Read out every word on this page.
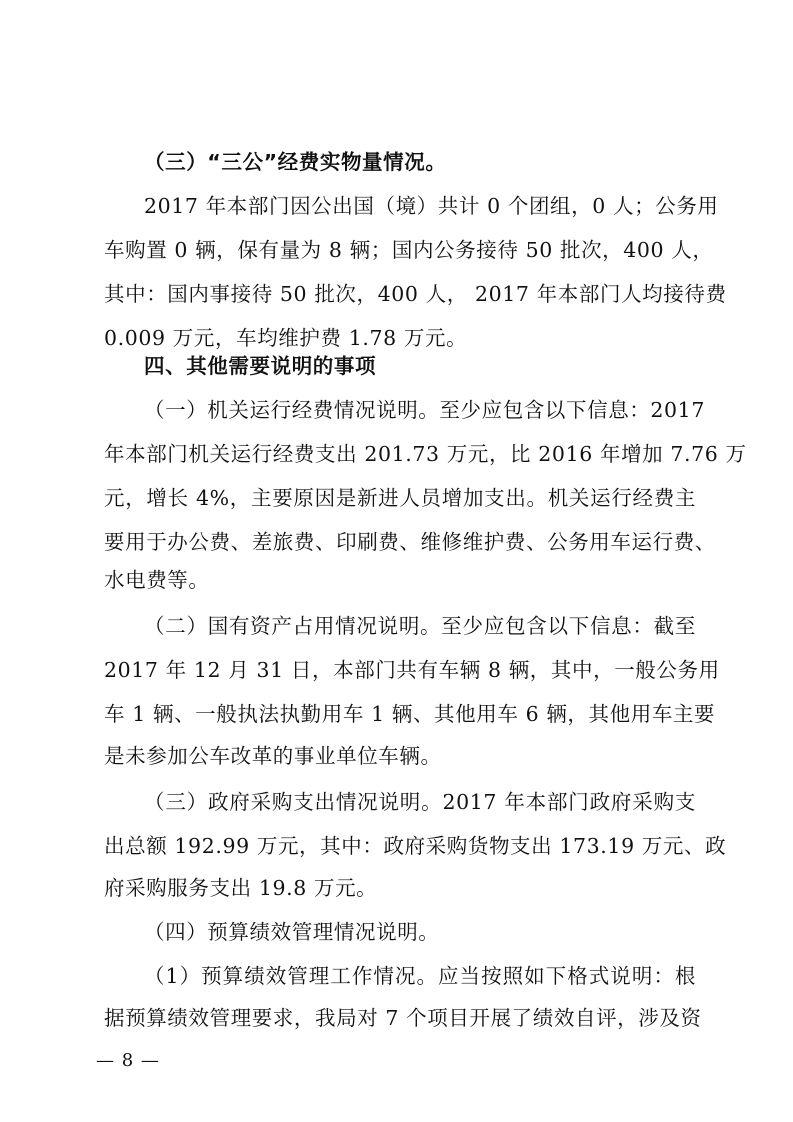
（三）“三公”经费实物量情况。
2017 年本部门因公出国（境）共计 0 个团组，0 人；公务用
车购置 0 辆，保有量为 8 辆；国内公务接待 50 批次，400 人，
其中：国内事接待 50 批次，400 人， 2017 年本部门人均接待费
0.009 万元，车均维护费 1.78 万元。
四、其他需要说明的事项
（一）机关运行经费情况说明。至少应包含以下信息：2017
年本部门机关运行经费支出 201.73 万元，比 2016 年增加 7.76 万
元，增长 4%，主要原因是新进人员增加支出。机关运行经费主
要用于办公费、差旅费、印刷费、维修维护费、公务用车运行费、
水电费等。
（二）国有资产占用情况说明。至少应包含以下信息：截至
2017 年 12 月 31 日，本部门共有车辆 8 辆，其中，一般公务用
车 1 辆、一般执法执勤用车 1 辆、其他用车 6 辆，其他用车主要
是未参加公车改革的事业单位车辆。
（三）政府采购支出情况说明。2017 年本部门政府采购支
出总额 192.99 万元，其中：政府采购货物支出 173.19 万元、政
府采购服务支出 19.8 万元。
（四）预算绩效管理情况说明。
（1）预算绩效管理工作情况。应当按照如下格式说明：根
据预算绩效管理要求，我局对 7 个项目开展了绩效自评，涉及资
— 8 —
